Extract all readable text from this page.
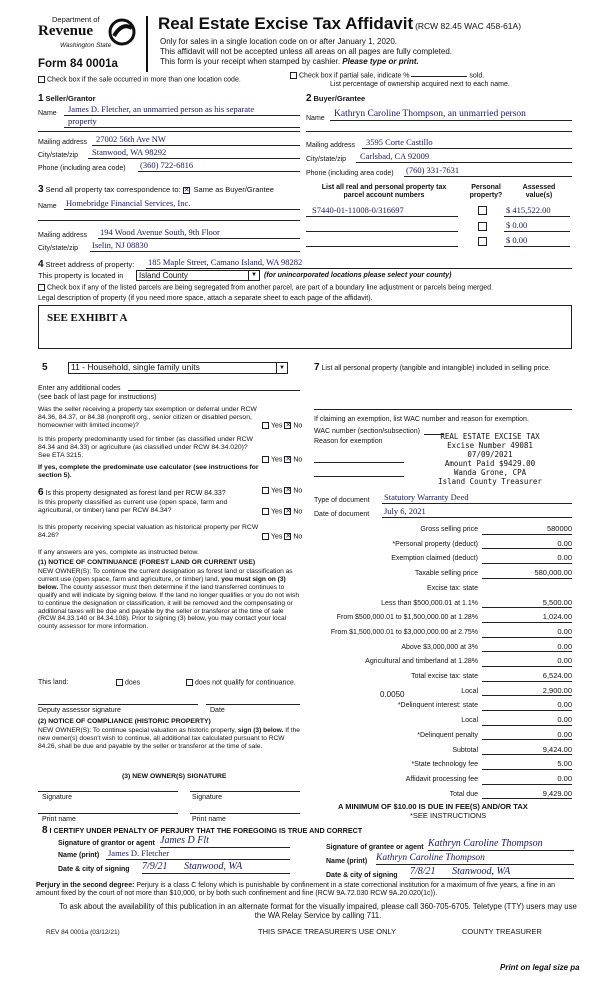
Department of
Revenue
Washington State
Form 84 0001a
Real Estate Excise Tax Affidavit (RCW 82.45 WAC 458-61A)
Only for sales in a single location code on or after January 1, 2020.
This affidavit will not be accepted unless all areas on all pages are fully completed.
This form is your receipt when stamped by cashier. Please type or print.
Check box if the sale occurred in more than one location code.
Check box if partial sale, indicate %	sold.
List percentage of ownership acquired next to each name.
1 Seller/Grantor
Name	James D. Fletcher, an unmarried person as his separate
property
Mailing address	27002 56th Ave NW
City/state/zip	Stanwood, WA 98292
Phone (including area code) (360) 722-6816
2 Buyer/Grantee
Name Kathryn Caroline Thompson, an unmarried person
Mailing address	3595 Corte Castillo
City/state/zip	Carlsbad, CA 92009
Phone (including area code) (760) 331-7631
3 Send all property tax correspondence to: ✕ Same as Buyer/Grantee
Name Homebridge Financial Services, Inc.
Mailing address 194 Wood Avenue South, 9th Floor
City/state/zip Iselin, NJ 08830
List all real and personal property tax parcel account numbers
Personal property?
Assessed value(s)
S7440-01-11008-0/316697	$ 415,522.00
$ 0.00
$ 0.00
4 Street address of property: 185 Maple Street, Camano Island, WA 98282
This property is located in	Island County	▼ (for unincorporated locations please select your county)
Check box if any of the listed parcels are being segregated from another parcel, are part of a boundary line adjustment or parcels being merged.
Legal description of property (if you need more space, attach a separate sheet to each page of the affidavit).
SEE EXHIBIT A
5	11 - Household, single family units	▼
Enter any additional codes
(see back of last page for instructions)
Was the seller receiving a property tax exemption or deferral under RCW 84.36, 84.37, or 84.38 (nonprofit org., senior citizen or disabled person, homeowner with limited income)?	Yes ✕ No
Is this property predominantly used for timber (as classified under RCW 84.34 and 84.33) or agriculture (as classified under RCW 84.34.020)? See ETA 3215.
Yes ✕ No
If yes, complete the predominate use calculator (see instructions for section 5).
6 Is this property designated as forest land per RCW 84.33?	Yes ✕ No
Is this property classified as current use (open space, farm and agricultural, or timber) land per RCW 84.34?	Yes ✕ No
Is this property receiving special valuation as historical property per RCW 84.26?	Yes ✕ No
If any answers are yes, complete as instructed below.
(1) NOTICE OF CONTINUANCE (FOREST LAND OR CURRENT USE)
NEW OWNER(S): To continue the current designation as forest land or classification as current use (open space, farm and agriculture, or timber) land, you must sign on (3) below. The county assessor must then determine if the land transferred continues to qualify and will indicate by signing below. If the land no longer qualifies or you do not wish to continue the designation or classification, it will be removed and the compensating or additional taxes will be due and payable by the seller or transferor at the time of sale (RCW 84.33.140 or 84.34.108). Prior to signing (3) below, you may contact your local county assessor for more information.
This land:	does	does not qualify for continuance.
Deputy assessor signature	Date
(2) NOTICE OF COMPLIANCE (HISTORIC PROPERTY)
NEW OWNER(S): To continue special valuation as historic property, sign (3) below. If the new owner(s) doesn't wish to continue, all additional tax calculated pursuant to RCW 84.26, shall be due and payable by the seller or transferor at the time of sale.
(3) NEW OWNER(S) SIGNATURE
Signature	Signature
Print name	Print name
7 List all personal property (tangible and intangible) included in selling price.
If claiming an exemption, list WAC number and reason for exemption.
WAC number (section/subsection)
Reason for exemption
REAL ESTATE EXCISE TAX
Excise Number 49081
07/09/2021
Amount Paid $9429.00
Wanda Grone, CPA
Island County Treasurer
Type of document Statutory Warranty Deed
Date of document July 6, 2021
Gross selling price	580000
*Personal property (deduct)	0.00
Exemption claimed (deduct)	0.00
Taxable selling price	580,000.00
Excise tax: state
Less than $500,000.01 at 1.1%	5,500.00
From $500,000.01 to $1,500,000.00 at 1.28%	1,024.00
From $1,500,000.01 to $3,000,000.00 at 2.75%	0.00
Above $3,000,000 at 3%	0.00
Agricultural and timberland at 1.28%	0.00
Total excise tax: state	6,524.00
Local	2,900.00
*Delinquent interest: state	0.00
Local	0.00
*Delinquent penalty	0.00
Subtotal	9,424.00
*State technology fee	5.00
Affidavit processing fee	0.00
Total due	9,429.00
0.0050
A MINIMUM OF $10.00 IS DUE IN FEE(S) AND/OR TAX
*SEE INSTRUCTIONS
8 I CERTIFY UNDER PENALTY OF PERJURY THAT THE FOREGOING IS TRUE AND CORRECT
Signature of grantor or agent James D Flt
Name (print) James D. Fletcher
Date & city of signing 7/9/21 Stanwood, WA
Signature of grantee or agent Kathryn Caroline Thompson
Name (print) Kathryn Caroline Thompson
Date & city of signing 7/8/21 Stanwood, WA
Perjury in the second degree: Perjury is a class C felony which is punishable by confinement in a state correctional institution for a maximum of five years, a fine in an amount fixed by the court of not more than $10,000, or by both such confinement and fine (RCW 9A.72.030 RCW 9A.20.020(1c)).
To ask about the availability of this publication in an alternate format for the visually impaired, please call 360-705-6705. Teletype (TTY) users may use the WA Relay Service by calling 711.
REV 84 0001a (03/12/21)	THIS SPACE TREASURER'S USE ONLY	COUNTY TREASURER
Print on legal size pa
